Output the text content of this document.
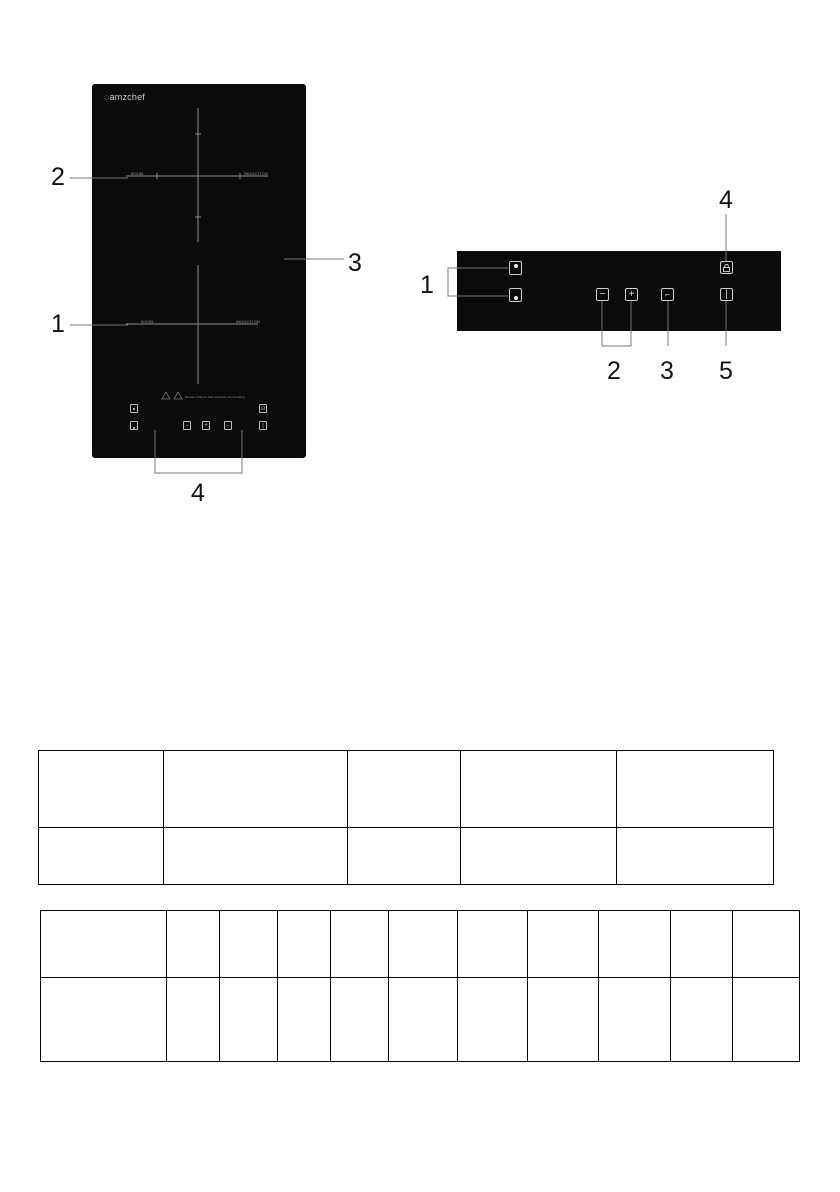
◌amzchef
50X55	INDUCTION
50X55	INDUCTION
Beware of Burns from Induction Hot Cooking
−	+	⌐
⊡
|
2
1
3
4
−	+	⌐	|
4
1
2 3 5
